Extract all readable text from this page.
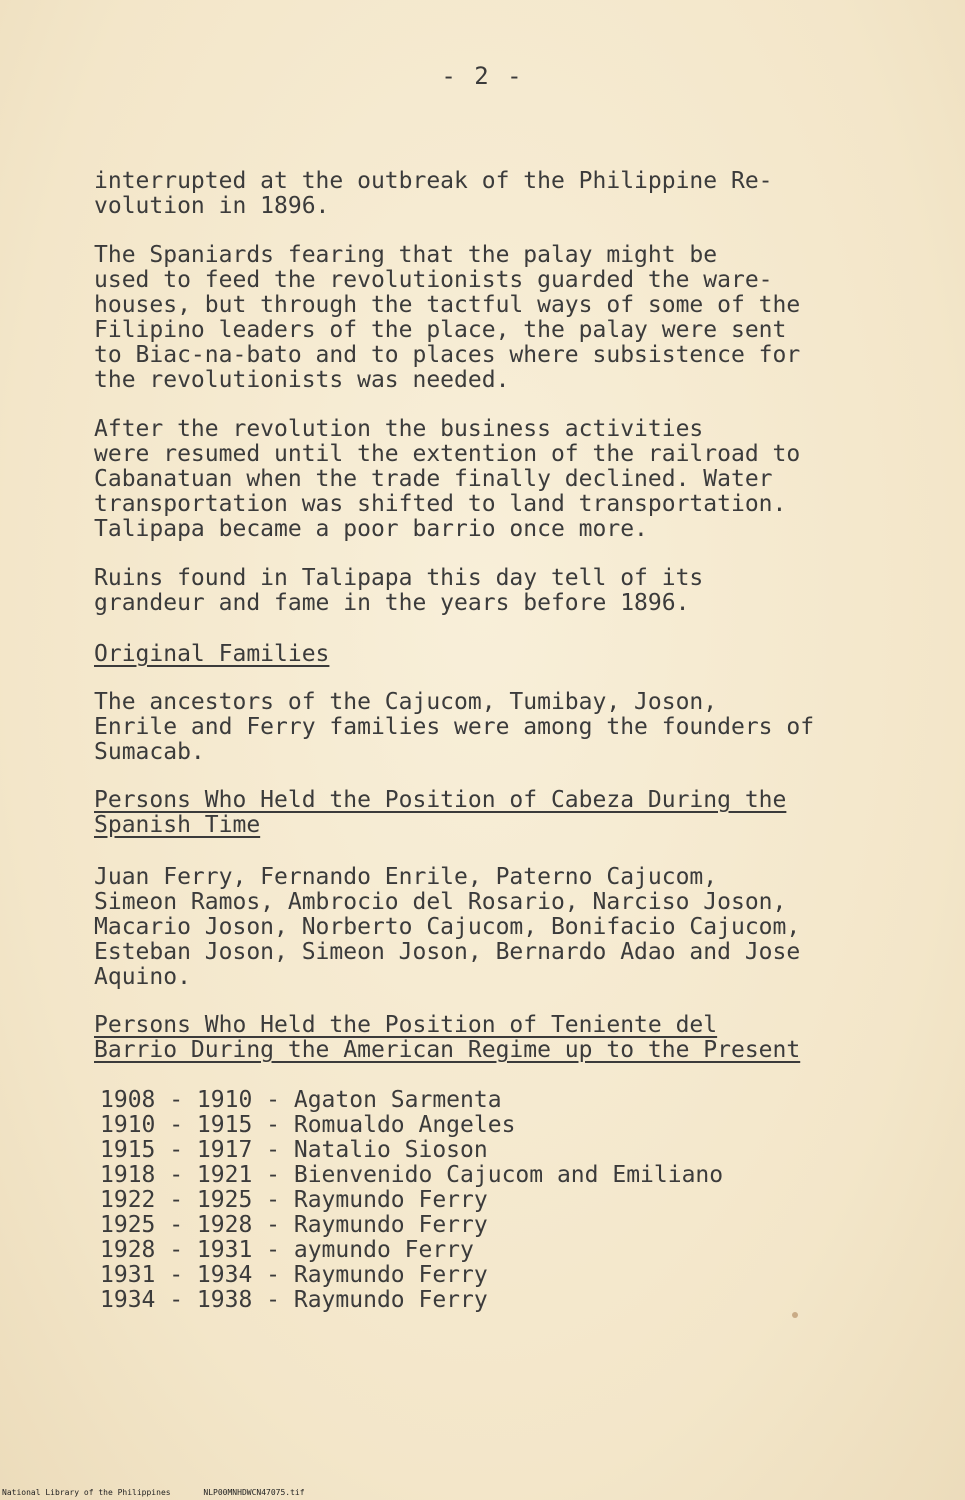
- 2 -

interrupted at the outbreak of the Philippine Re-
volution in 1896.

The Spaniards fearing that the palay might be
used to feed the revolutionists guarded the ware-
houses, but through the tactful ways of some of the
Filipino leaders of the place, the palay were sent
to Biac-na-bato and to places where subsistence for
the revolutionists was needed.

After the revolution the business activities
were resumed until the extention of the railroad to
Cabanatuan when the trade finally declined. Water
transportation was shifted to land transportation.
Talipapa became a poor barrio once more.

Ruins found in Talipapa this day tell of its
grandeur and fame in the years before 1896.

Original Families

The ancestors of the Cajucom, Tumibay, Joson,
Enrile and Ferry families were among the founders of
Sumacab.

Persons Who Held the Position of Cabeza During the
Spanish Time

Juan Ferry, Fernando Enrile, Paterno Cajucom,
Simeon Ramos, Ambrocio del Rosario, Narciso Joson,
Macario Joson, Norberto Cajucom, Bonifacio Cajucom,
Esteban Joson, Simeon Joson, Bernardo Adao and Jose
Aquino.

Persons Who Held the Position of Teniente del
Barrio During the American Regime up to the Present

1908 - 1910 - Agaton Sarmenta
1910 - 1915 - Romualdo Angeles
1915 - 1917 - Natalio Sioson
1918 - 1921 - Bienvenido Cajucom and Emiliano
1922 - 1925 - Raymundo Ferry
1925 - 1928 - Raymundo Ferry
1928 - 1931 - aymundo Ferry
1931 - 1934 - Raymundo Ferry
1934 - 1938 - Raymundo Ferry
National Library of the Philippines	NLP00MNHDWCN47075.tif
